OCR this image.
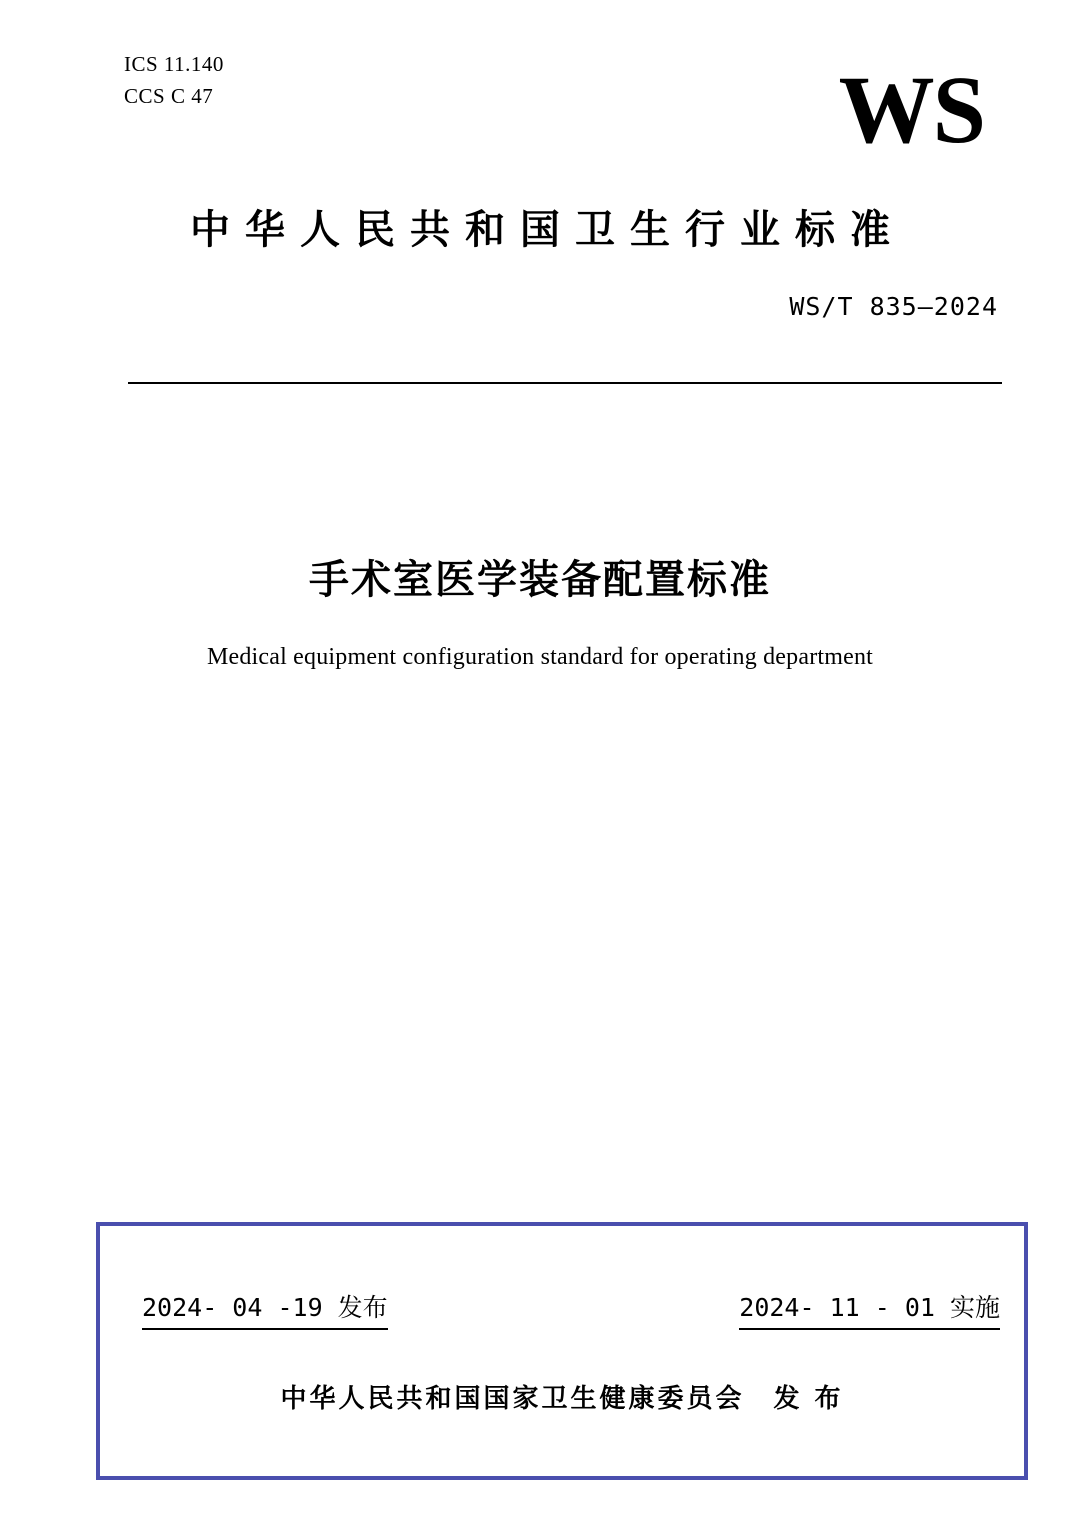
ICS 11.140
CCS C 47	WS
中华人民共和国卫生行业标准
WS/T 835—2024
手术室医学装备配置标准
Medical equipment configuration standard for operating department
2024- 04 -19 发布	2024- 11 - 01 实施
中华人民共和国国家卫生健康委员会　发 布
